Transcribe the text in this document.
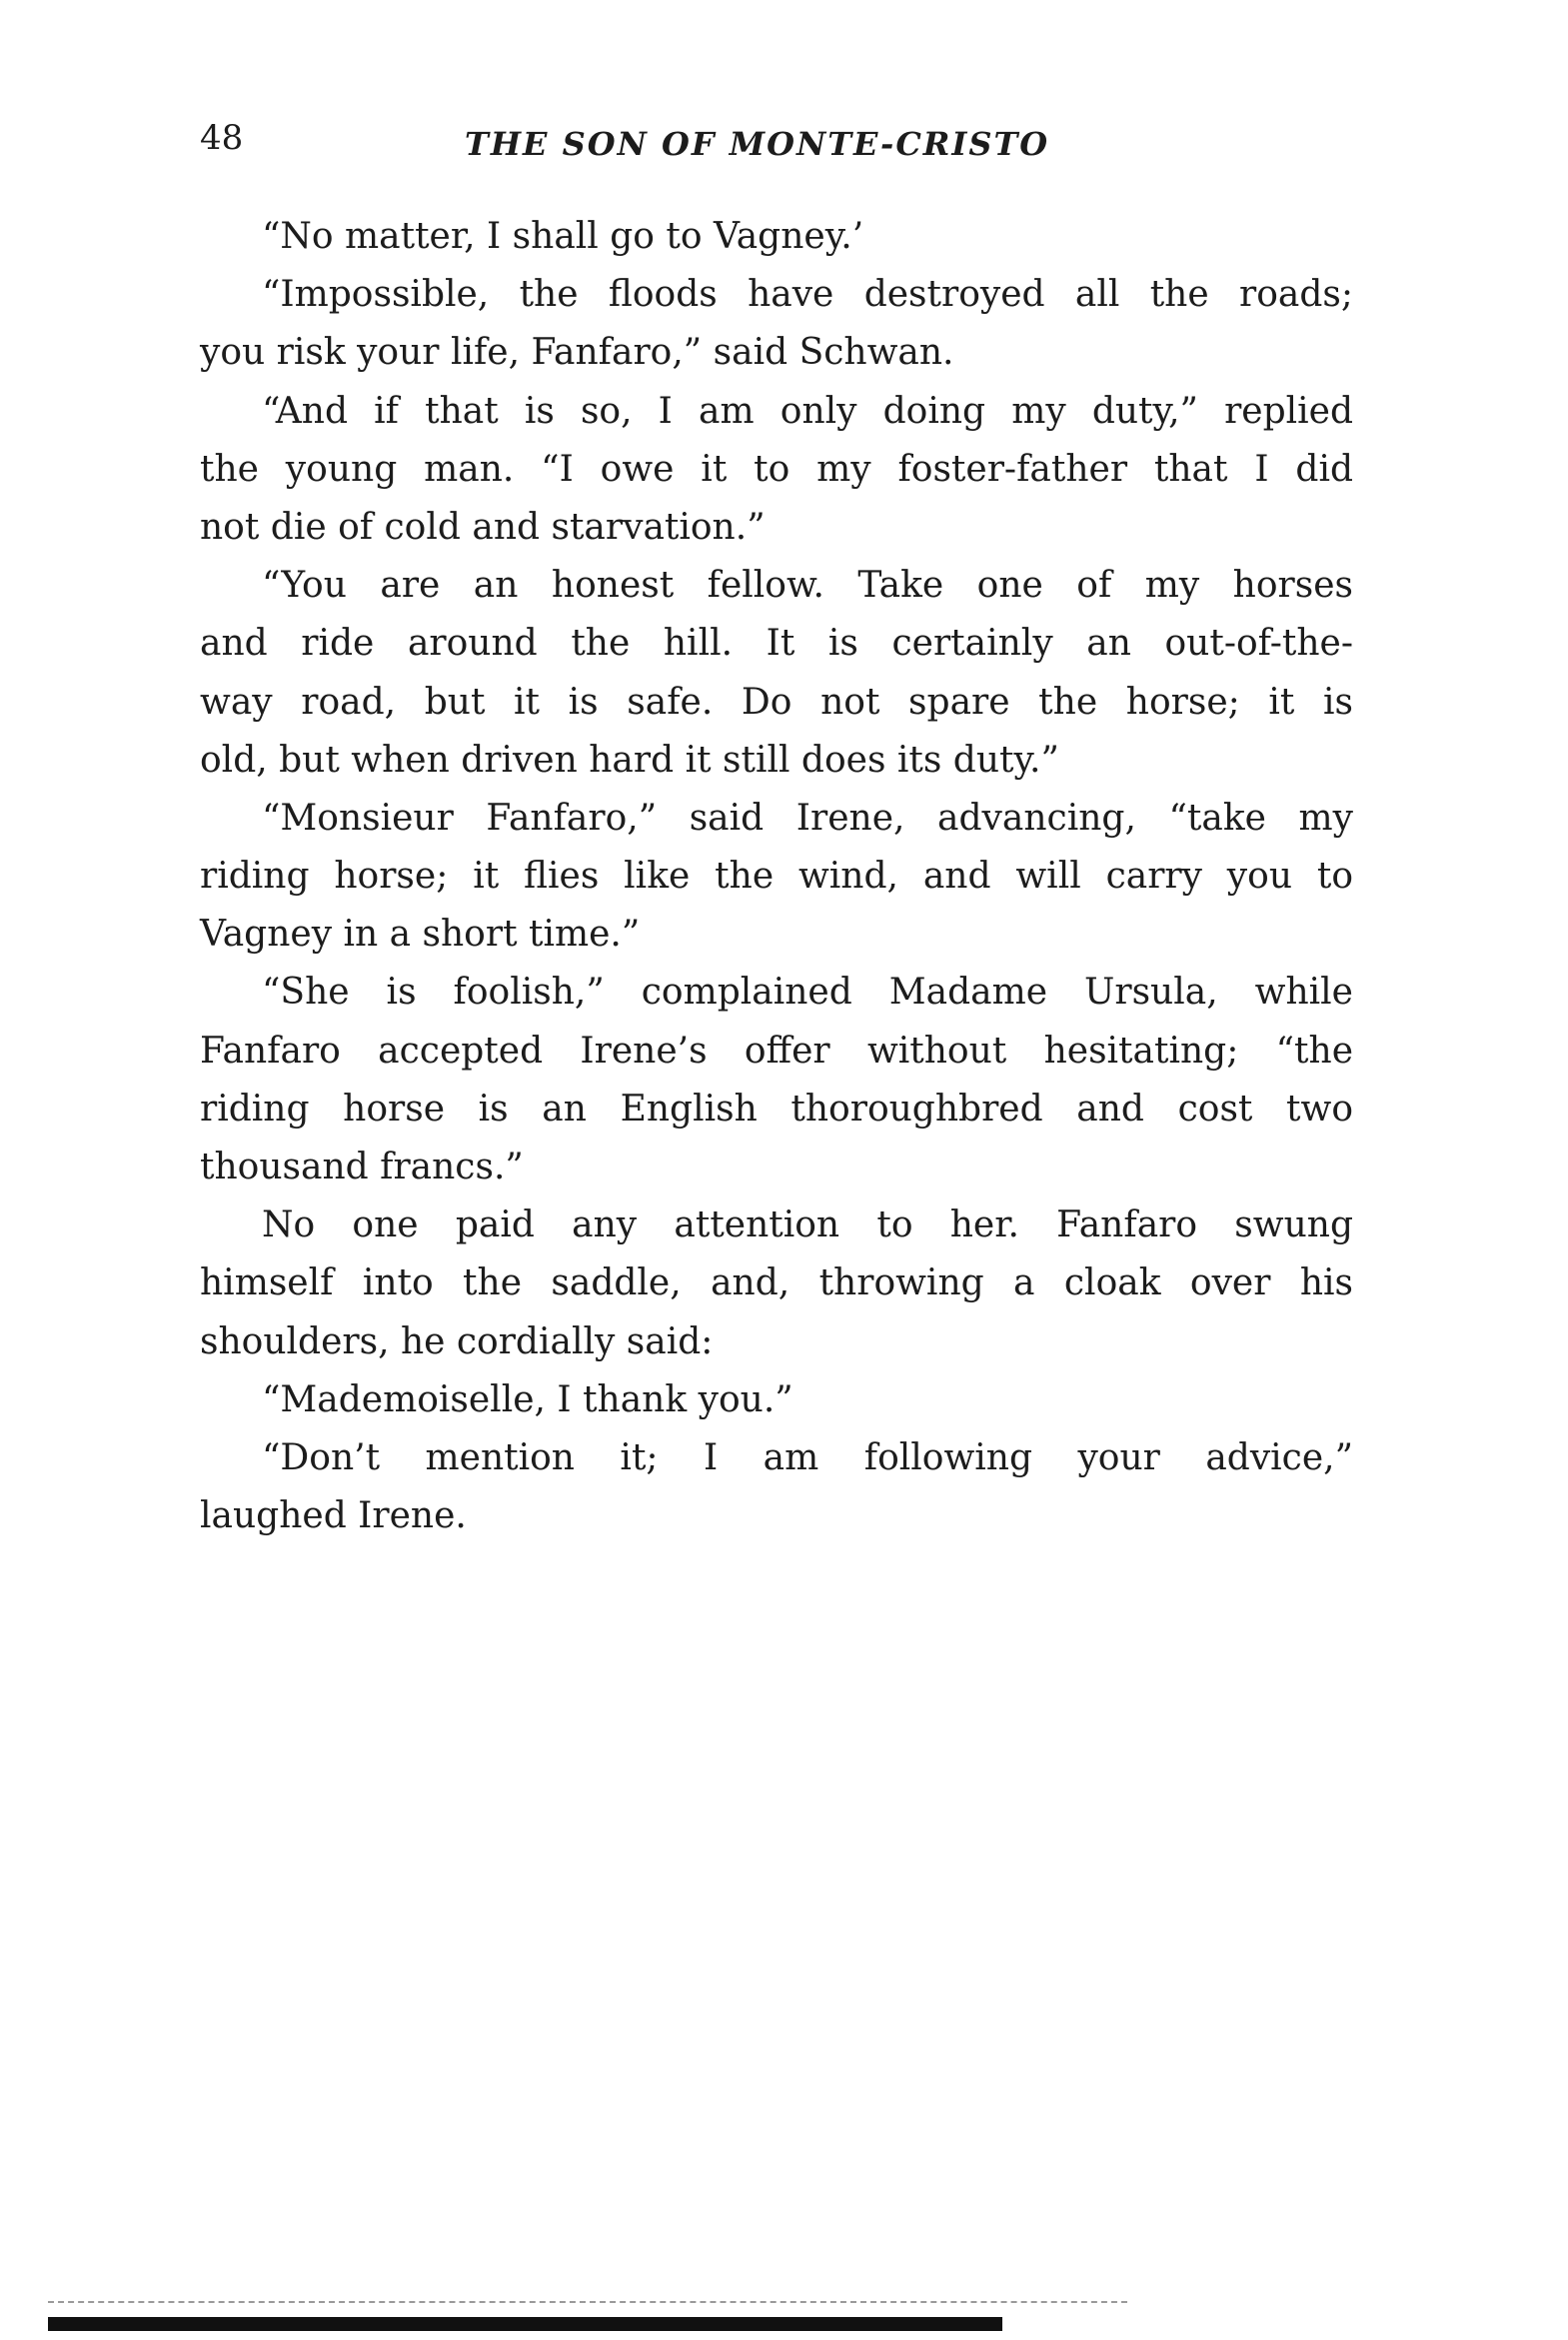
48	THE SON OF MONTE-CRISTO
“No matter, I shall go to Vagney.’
“Impossible, the floods have destroyed all the roads;
you risk your life, Fanfaro,” said Schwan.
“And if that is so, I am only doing my duty,” replied
the young man. “I owe it to my foster-father that I did
not die of cold and starvation.”
“You are an honest fellow. Take one of my horses
and ride around the hill. It is certainly an out-of-the-
way road, but it is safe. Do not spare the horse; it is
old, but when driven hard it still does its duty.”
“Monsieur Fanfaro,” said Irene, advancing, “take my
riding horse; it flies like the wind, and will carry you to
Vagney in a short time.”
“She is foolish,” complained Madame Ursula, while
Fanfaro accepted Irene’s offer without hesitating; “the
riding horse is an English thoroughbred and cost two
thousand francs.”
No one paid any attention to her. Fanfaro swung
himself into the saddle, and, throwing a cloak over his
shoulders, he cordially said:
“Mademoiselle, I thank you.”
“Don’t mention it; I am following your advice,”
laughed Irene.
